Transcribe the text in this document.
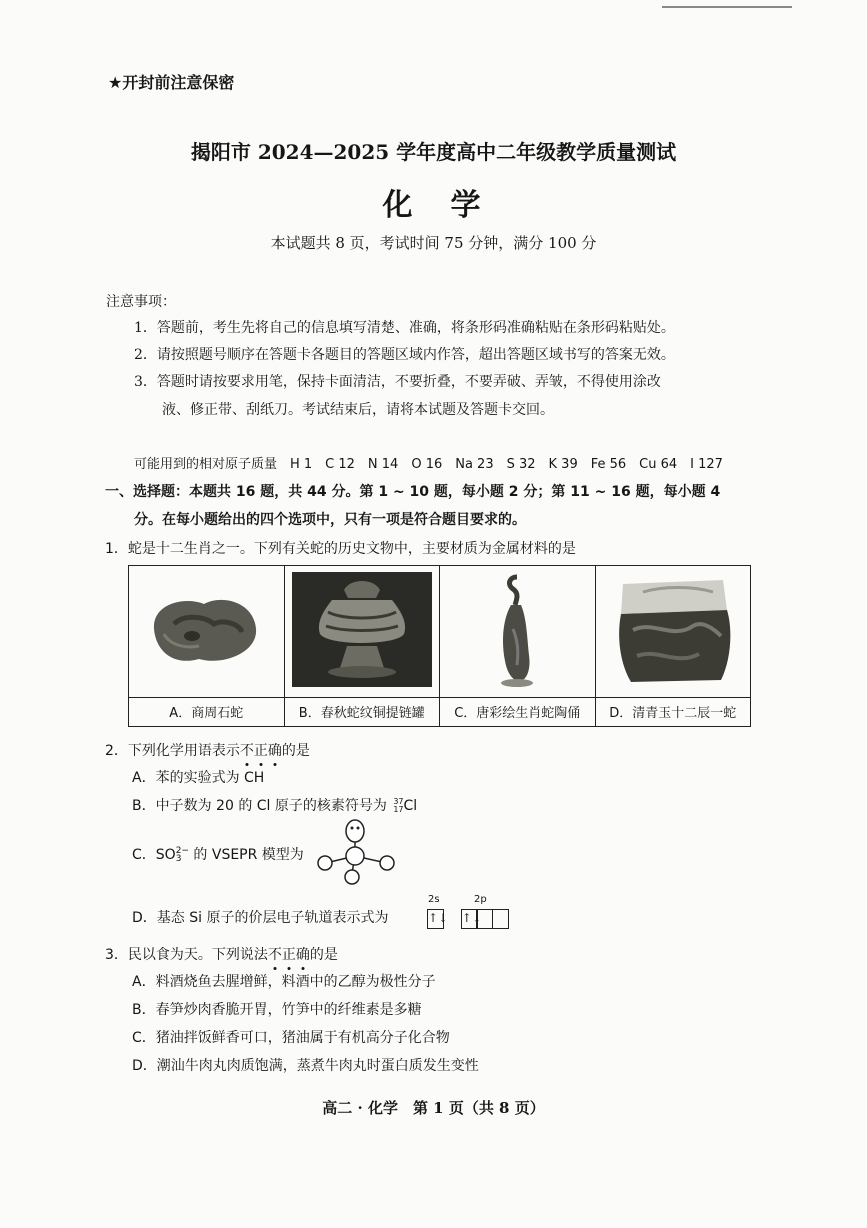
★开封前注意保密
揭阳市 2024—2025 学年度高中二年级教学质量测试
化　学
本试题共 8 页，考试时间 75 分钟，满分 100 分
注意事项：
1．答题前，考生先将自己的信息填写清楚、准确，将条形码准确粘贴在条形码粘贴处。
2．请按照题号顺序在答题卡各题目的答题区域内作答，超出答题区域书写的答案无效。
3．答题时请按要求用笔，保持卡面清洁，不要折叠，不要弄破、弄皱，不得使用涂改
液、修正带、刮纸刀。考试结束后，请将本试题及答题卡交回。
可能用到的相对原子质量　H 1　C 12　N 14　O 16　Na 23　S 32　K 39　Fe 56　Cu 64　I 127
一、选择题：本题共 16 题，共 44 分。第 1 ~ 10 题，每小题 2 分；第 11 ~ 16 题，每小题 4
分。在每小题给出的四个选项中，只有一项是符合题目要求的。
1．蛇是十二生肖之一。下列有关蛇的历史文物中，主要材质为金属材料的是

A．商周石蛇	B．春秋蛇纹铜提链罐	C．唐彩绘生肖蛇陶俑	D．清青玉十二辰一蛇
2．下列化学用语表示不
正
确
的是
A．苯的实验式为 CH
B．中子数为 20 的 Cl 原子的核素符号为 37
17 Cl
C．SO 2−
3 的 VSEPR 模型为
D．基态 Si 原子的价层电子轨道表示式为
2s	2p
↑↓ ↑↓
3．民以食为天。下列说法不
正
确
的是
A．料酒烧鱼去腥增鲜，料酒中的乙醇为极性分子
B．春笋炒肉香脆开胃，竹笋中的纤维素是多糖
C．猪油拌饭鲜香可口，猪油属于有机高分子化合物
D．潮汕牛肉丸肉质饱满，蒸煮牛肉丸时蛋白质发生变性
高二 · 化学　第 1 页（共 8 页）
